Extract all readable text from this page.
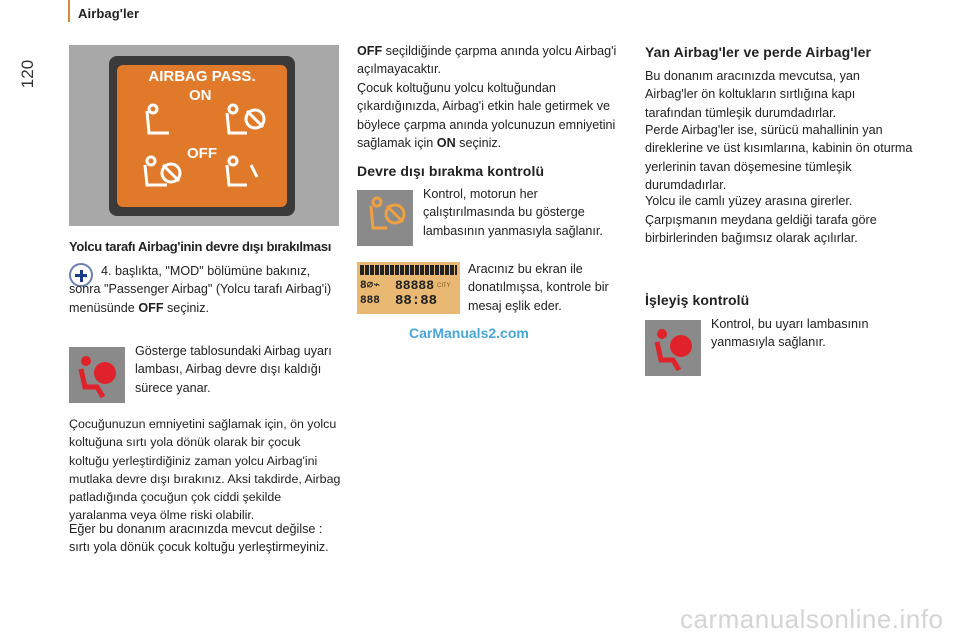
Airbag'ler
120	AIRBAG PASS.
ON
OFF
Yolcu tarafı Airbag'inin devre dışı bırakılması
4. başlıkta, "MOD" bölümüne bakınız, sonra "Passenger Airbag" (Yolcu tarafı Airbag'i) menüsünde OFF seçiniz.
Gösterge tablosundaki Airbag uyarı lambası, Airbag devre dışı kaldığı sürece yanar.
Çocuğunuzun emniyetini sağlamak için, ön yolcu koltuğuna sırtı yola dönük olarak bir çocuk koltuğu yerleştirdiğiniz zaman yolcu Airbag'ini mutlaka devre dışı bırakınız. Aksi takdirde, Airbag patladığında çocuğun çok ciddi şekilde yaralanma veya ölme riski olabilir.
Eğer bu donanım aracınızda mevcut değilse : sırtı yola dönük çocuk koltuğu yerleştirmeyiniz.
OFF seçildiğinde çarpma anında yolcu Airbag'i açılmayacaktır.
Çocuk koltuğunu yolcu koltuğundan çıkardığınızda, Airbag'i etkin hale getirmek ve böylece çarpma anında yolcunuzun emniyetini sağlamak için ON seçiniz.
Devre dışı bırakma kontrolü
Kontrol, motorun her çalıştırılmasında bu gösterge lambasının yanmasıyla sağlanır.
88888
8∅⌁	CITY
888 88:88
Aracınız bu ekran ile donatılmışsa, kontrole bir mesaj eşlik eder.
CarManuals2.com
Yan Airbag'ler ve perde Airbag'ler
Bu donanım aracınızda mevcutsa, yan Airbag'ler ön koltukların sırtlığına kapı tarafından tümleşik durumdadırlar.
Perde Airbag'ler ise, sürücü mahallinin yan direklerine ve üst kısımlarına, kabinin ön oturma yerlerinin tavan döşemesine tümleşik durumdadırlar.
Yolcu ile camlı yüzey arasına girerler.
Çarpışmanın meydana geldiği tarafa göre birbirlerinden bağımsız olarak açılırlar.
İşleyiş kontrolü
Kontrol, bu uyarı lambasının yanmasıyla sağlanır.
carmanualsonline.info
